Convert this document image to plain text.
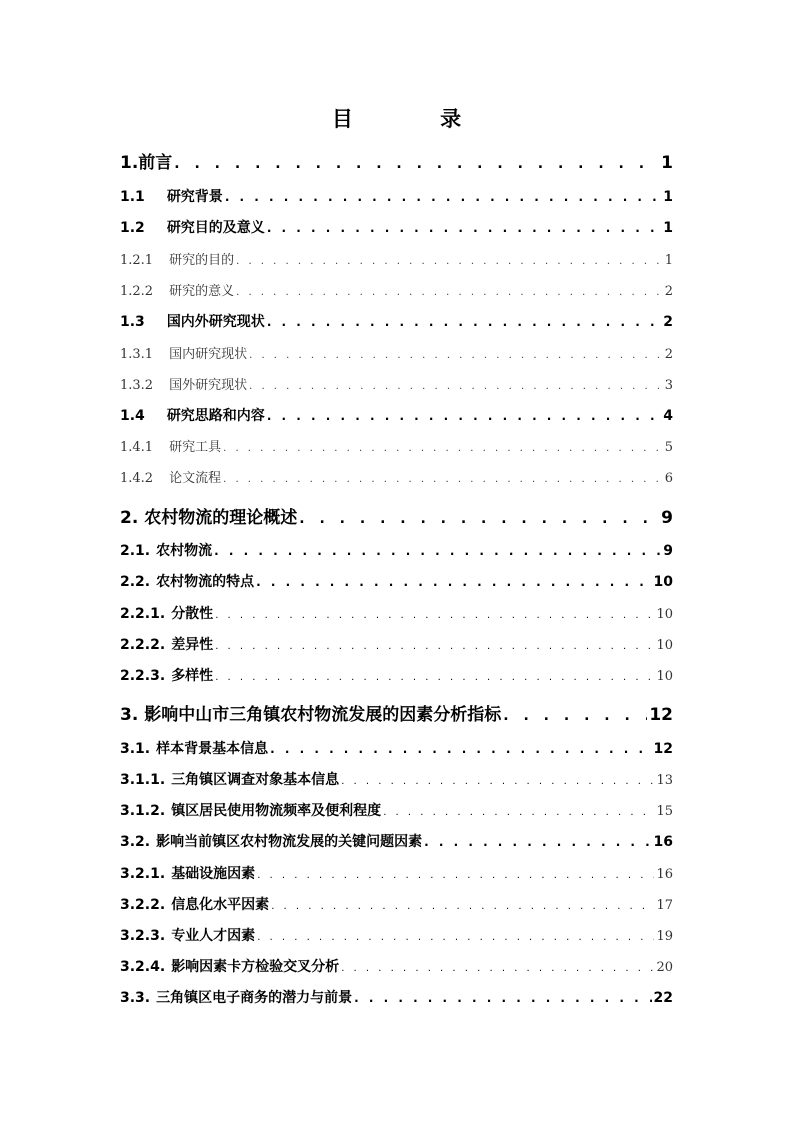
目 录
1.前言 . . .	1
1.1 研究背景 . . .	1
1.2 研究目的及意义 . . .	1
1.2.1 研究的目的 . . .	1
1.2.2 研究的意义 . . .	2
1.3 国内外研究现状 . . .	2
1.3.1 国内研究现状 . . .	2
1.3.2 国外研究现状 . . .	3
1.4 研究思路和内容 . . .	4
1.4.1 研究工具 . . .	5
1.4.2 论文流程 . . .	6
2. 农村物流的理论概述 . . .	9
2.1. 农村物流 . . .	9
2.2. 农村物流的特点 . . .	10
2.2.1. 分散性 . . .	10
2.2.2. 差异性 . . .	10
2.2.3. 多样性 . . .	10
3. 影响中山市三角镇农村物流发展的因素分析指标 . . .	12
3.1. 样本背景基本信息 . . .	12
3.1.1. 三角镇区调查对象基本信息 . . .	13
3.1.2. 镇区居民使用物流频率及便利程度 . . .	15
3.2. 影响当前镇区农村物流发展的关键问题因素 . . .	16
3.2.1. 基础设施因素 . . .	16
3.2.2. 信息化水平因素 . . .	17
3.2.3. 专业人才因素 . . .	19
3.2.4. 影响因素卡方检验交叉分析 . . .	20
3.3. 三角镇区电子商务的潜力与前景 . . .	22
